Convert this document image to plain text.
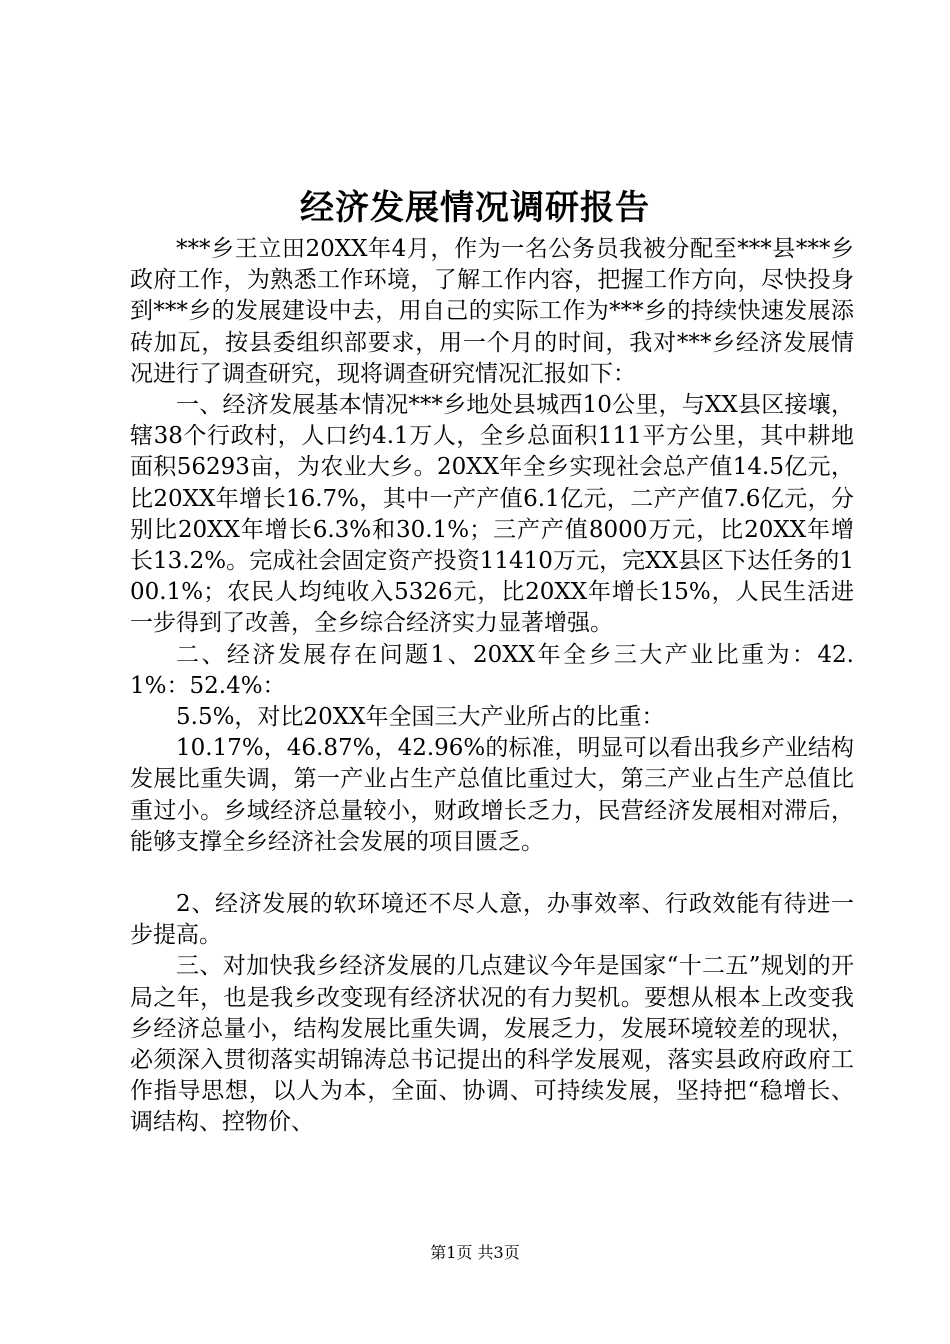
经济发展情况调研报告

***乡王立田20XX年4月，作为一名公务员我被分配至***县***乡政府工作，为熟悉工作环境，了解工作内容，把握工作方向，尽快投身到***乡的发展建设中去，用自己的实际工作为***乡的持续快速发展添砖加瓦，按县委组织部要求，用一个月的时间，我对***乡经济发展情况进行了调查研究，现将调查研究情况汇报如下：

一、经济发展基本情况***乡地处县城西10公里，与XX县区接壤，辖38个行政村，人口约4.1万人，全乡总面积111平方公里，其中耕地面积56293亩，为农业大乡。20XX年全乡实现社会总产值14.5亿元，比20XX年增长16.7%，其中一产产值6.1亿元，二产产值7.6亿元，分别比20XX年增长6.3%和30.1%；三产产值8000万元，比20XX年增长13.2%。完成社会固定资产投资11410万元，完XX县区下达任务的100.1%；农民人均纯收入5326元，比20XX年增长15%，人民生活进一步得到了改善，全乡综合经济实力显著增强。

二、经济发展存在问题1、20XX年全乡三大产业比重为：42.1%：52.4%：

5.5%，对比20XX年全国三大产业所占的比重：

10.17%，46.87%，42.96%的标准，明显可以看出我乡产业结构发展比重失调，第一产业占生产总值比重过大，第三产业占生产总值比重过小。乡域经济总量较小，财政增长乏力，民营经济发展相对滞后，能够支撑全乡经济社会发展的项目匮乏。

2、经济发展的软环境还不尽人意，办事效率、行政效能有待进一步提高。

三、对加快我乡经济发展的几点建议今年是国家“十二五”规划的开局之年，也是我乡改变现有经济状况的有力契机。要想从根本上改变我乡经济总量小，结构发展比重失调，发展乏力，发展环境较差的现状，必须深入贯彻落实胡锦涛总书记提出的科学发展观，落实县政府政府工作指导思想，以人为本，全面、协调、可持续发展，坚持把“稳增长、调结构、控物价、

第1页 共3页
